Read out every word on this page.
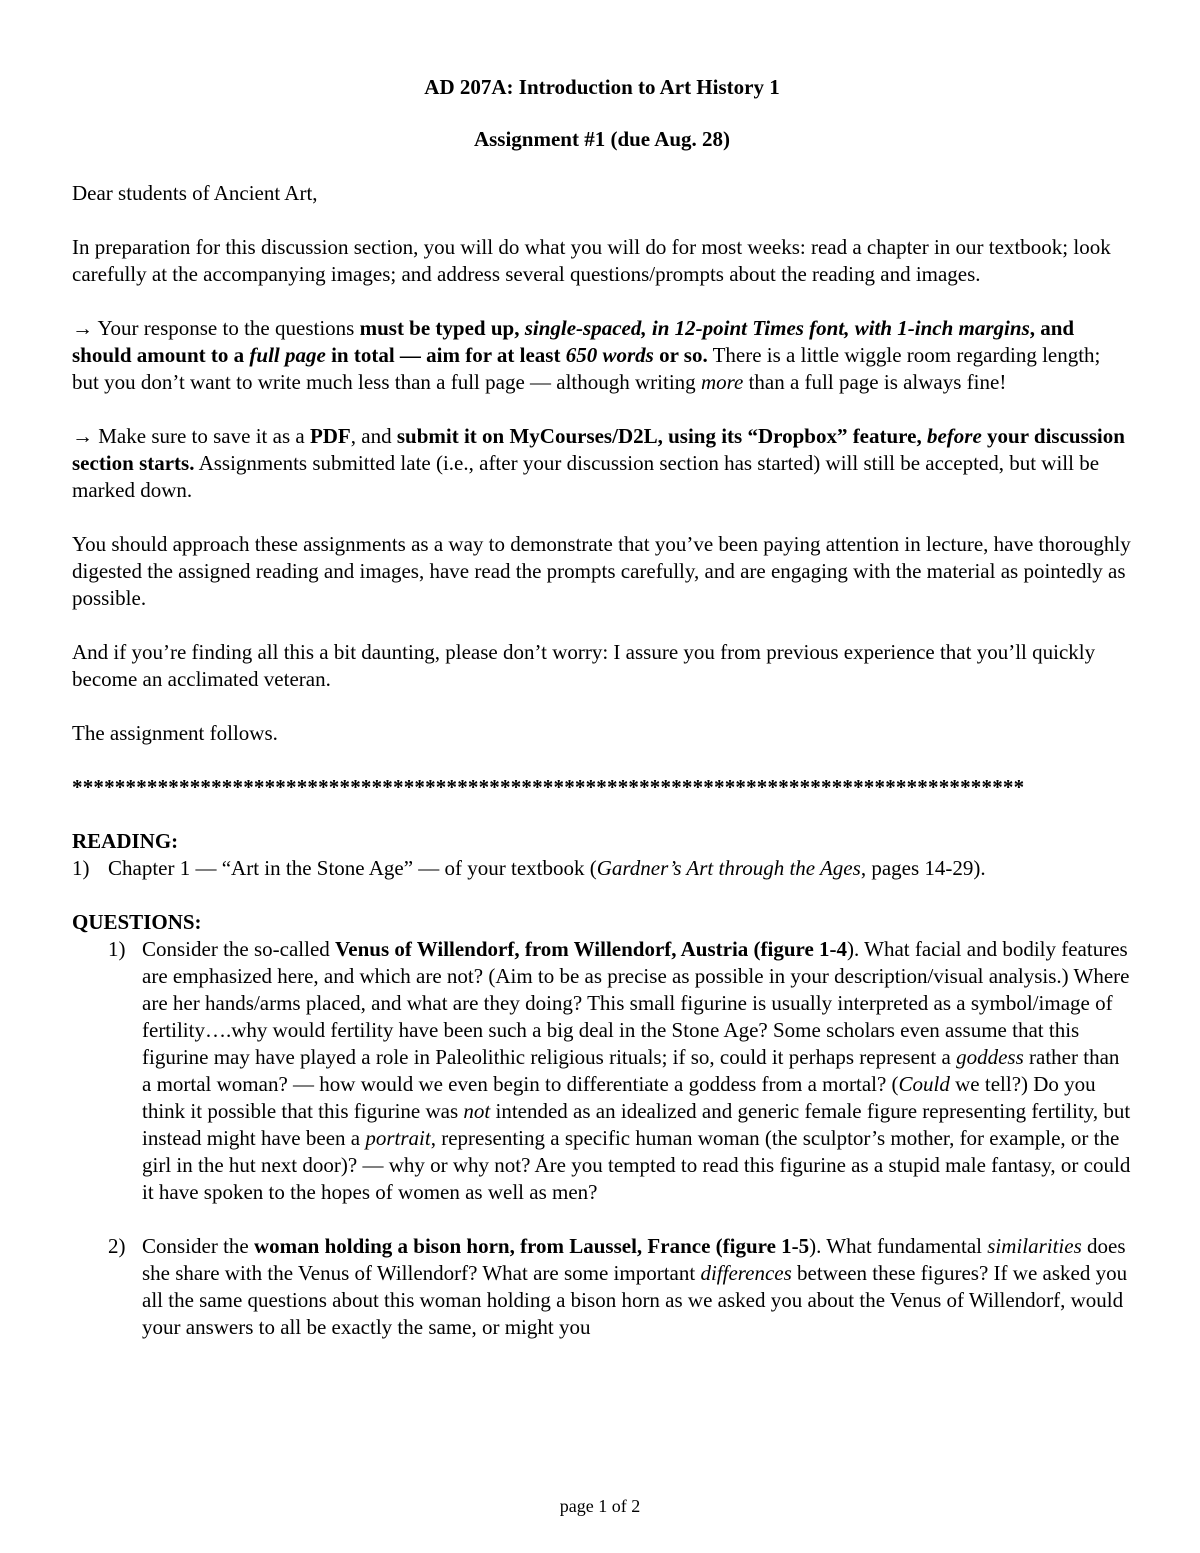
AD 207A: Introduction to Art History 1
Assignment #1 (due Aug. 28)

Dear students of Ancient Art,

In preparation for this discussion section, you will do what you will do for most weeks: read a chapter in our textbook; look carefully at the accompanying images; and address several questions/prompts about the reading and images.

→ Your response to the questions must be typed up, single-spaced, in 12-point Times font, with 1-inch margins, and should amount to a full page in total — aim for at least 650 words or so. There is a little wiggle room regarding length; but you don’t want to write much less than a full page — although writing more than a full page is always fine!

→ Make sure to save it as a PDF, and submit it on MyCourses/D2L, using its “Dropbox” feature, before your discussion section starts. Assignments submitted late (i.e., after your discussion section has started) will still be accepted, but will be marked down.

You should approach these assignments as a way to demonstrate that you’ve been paying attention in lecture, have thoroughly digested the assigned reading and images, have read the prompts carefully, and are engaging with the material as pointedly as possible.

And if you’re finding all this a bit daunting, please don’t worry: I assure you from previous experience that you’ll quickly become an acclimated veteran.

The assignment follows.

*****************************************************************************************

READING:

1) Chapter 1 — “Art in the Stone Age” — of your textbook (Gardner’s Art through the Ages, pages 14-29).

QUESTIONS:

1) Consider the so-called Venus of Willendorf, from Willendorf, Austria (figure 1-4). What facial and bodily features are emphasized here, and which are not? (Aim to be as precise as possible in your description/visual analysis.) Where are her hands/arms placed, and what are they doing? This small figurine is usually interpreted as a symbol/image of fertility….why would fertility have been such a big deal in the Stone Age? Some scholars even assume that this figurine may have played a role in Paleolithic religious rituals; if so, could it perhaps represent a goddess rather than a mortal woman? — how would we even begin to differentiate a goddess from a mortal? (Could we tell?) Do you think it possible that this figurine was not intended as an idealized and generic female figure representing fertility, but instead might have been a portrait, representing a specific human woman (the sculptor’s mother, for example, or the girl in the hut next door)? — why or why not? Are you tempted to read this figurine as a stupid male fantasy, or could it have spoken to the hopes of women as well as men?
2) Consider the woman holding a bison horn, from Laussel, France (figure 1-5). What fundamental similarities does she share with the Venus of Willendorf? What are some important differences between these figures? If we asked you all the same questions about this woman holding a bison horn as we asked you about the Venus of Willendorf, would your answers to all be exactly the same, or might you
page 1 of 2
